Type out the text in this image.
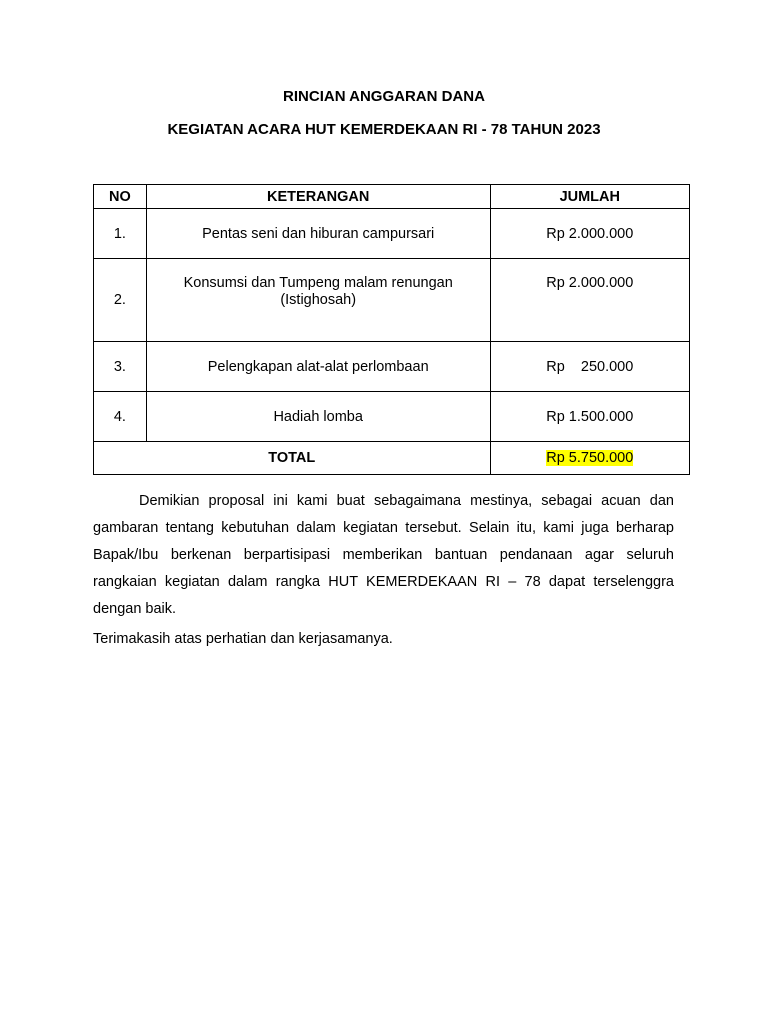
RINCIAN ANGGARAN DANA
KEGIATAN ACARA HUT KEMERDEKAAN RI - 78 TAHUN 2023
NO	KETERANGAN	JUMLAH
1.	Pentas seni dan hiburan campursari	Rp 2.000.000
2.	Konsumsi dan Tumpeng malam renungan (Istighosah)	Rp 2.000.000
3.	Pelengkapan alat-alat perlombaan	Rp    250.000
4.	Hadiah lomba	Rp 1.500.000
TOTAL		Rp 5.750.000
Demikian proposal ini kami buat sebagaimana mestinya, sebagai acuan dan gambaran tentang kebutuhan dalam kegiatan tersebut. Selain itu, kami juga berharap Bapak/Ibu berkenan berpartisipasi memberikan bantuan pendanaan agar seluruh rangkaian kegiatan dalam rangka HUT KEMERDEKAAN RI – 78 dapat terselenggra dengan baik.
Terimakasih atas perhatian dan kerjasamanya.
